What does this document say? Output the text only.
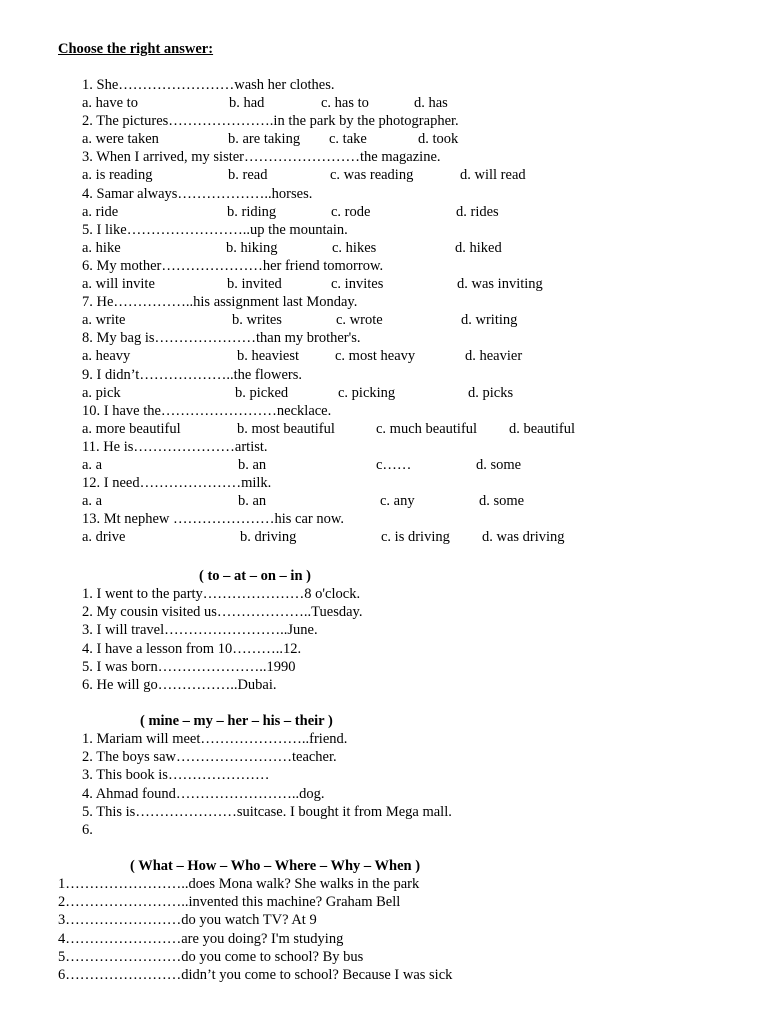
Choose the right answer:
1. She……………………wash her clothes.
a. have to	b. had	c. has to	d. has
2. The pictures………………….in the park by the photographer.
a. were taken	b. are taking c. take	d. took
3. When I arrived, my sister……………………the magazine.
a. is reading	b. read	c. was reading	d. will read
4. Samar always………………..horses.
a. ride	b. riding	c. rode	d. rides
5. I like……………………..up the mountain.
a. hike	b. hiking	c. hikes	d. hiked
6. My mother…………………her friend tomorrow.
a. will invite	b. invited	c. invites	d. was inviting
7. He……………..his assignment last Monday.
a. write	b. writes	c. wrote	d. writing
8. My bag is…………………than my brother's.
a. heavy	b. heaviest c. most heavy	d. heavier
9. I didn’t………………..the flowers.
a. pick	b. picked	c. picking	d. picks
10. I have the……………………necklace.
a. more beautiful	b. most beautiful	c. much beautiful d. beautiful
11. He is…………………artist.
a. a	b. an	c……	d. some
12. I need…………………milk.
a. a	b. an	c. any	d. some
13. Mt nephew …………………his car now.
a. drive	b. driving	c. is driving d. was driving
( to – at – on – in )
1. I went to the party…………………8 o'clock.
2. My cousin visited us………………..Tuesday.
3. I will travel……………………..June.
4. I have a lesson from 10………..12.
5. I was born…………………..1990
6. He will go……………..Dubai.
( mine – my – her – his – their )
1. Mariam will meet…………………..friend.
2. The boys saw……………………teacher.
3. This book is…………………
4. Ahmad found……………………..dog.
5. This is…………………suitcase. I bought it from Mega mall.
6.
( What – How – Who – Where – Why – When )
1……………………..does Mona walk? She walks in the park
2……………………..invented this machine? Graham Bell
3……………………do you watch TV? At 9
4……………………are you doing? I'm studying
5……………………do you come to school? By bus
6……………………didn’t you come to school? Because I was sick
